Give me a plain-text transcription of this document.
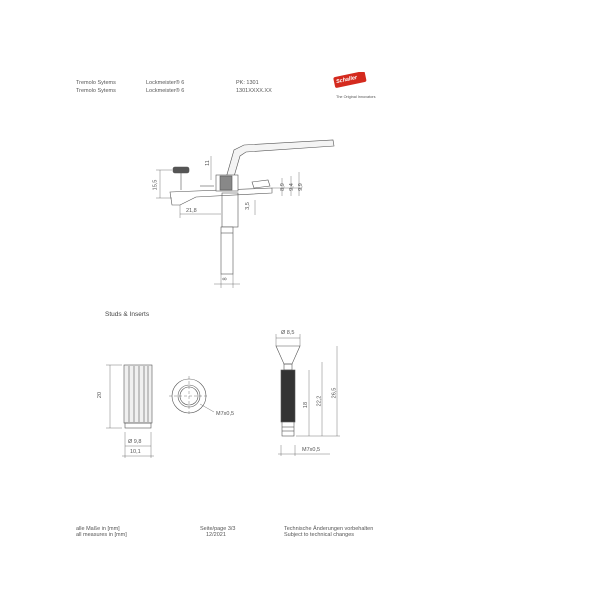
Tremolo Sytems	Lockmeister® 6	PK: 1301
Tremolo Sytems	Lockmeister® 6	1301XXXX.XX
Schaller
The Original Innovators
15,5
11
8,9 9,4 9,9
3,5
21,8
8
Studs & Inserts
20
Ø 9,8
10,1
M7x0,5
Ø 8,5
18 22,2
26,5
M7x0,5
alle Maße in [mm]
all measures in [mm]
Seite/page 3/3
12/2021
Technische Änderungen vorbehalten
Subject to technical changes
